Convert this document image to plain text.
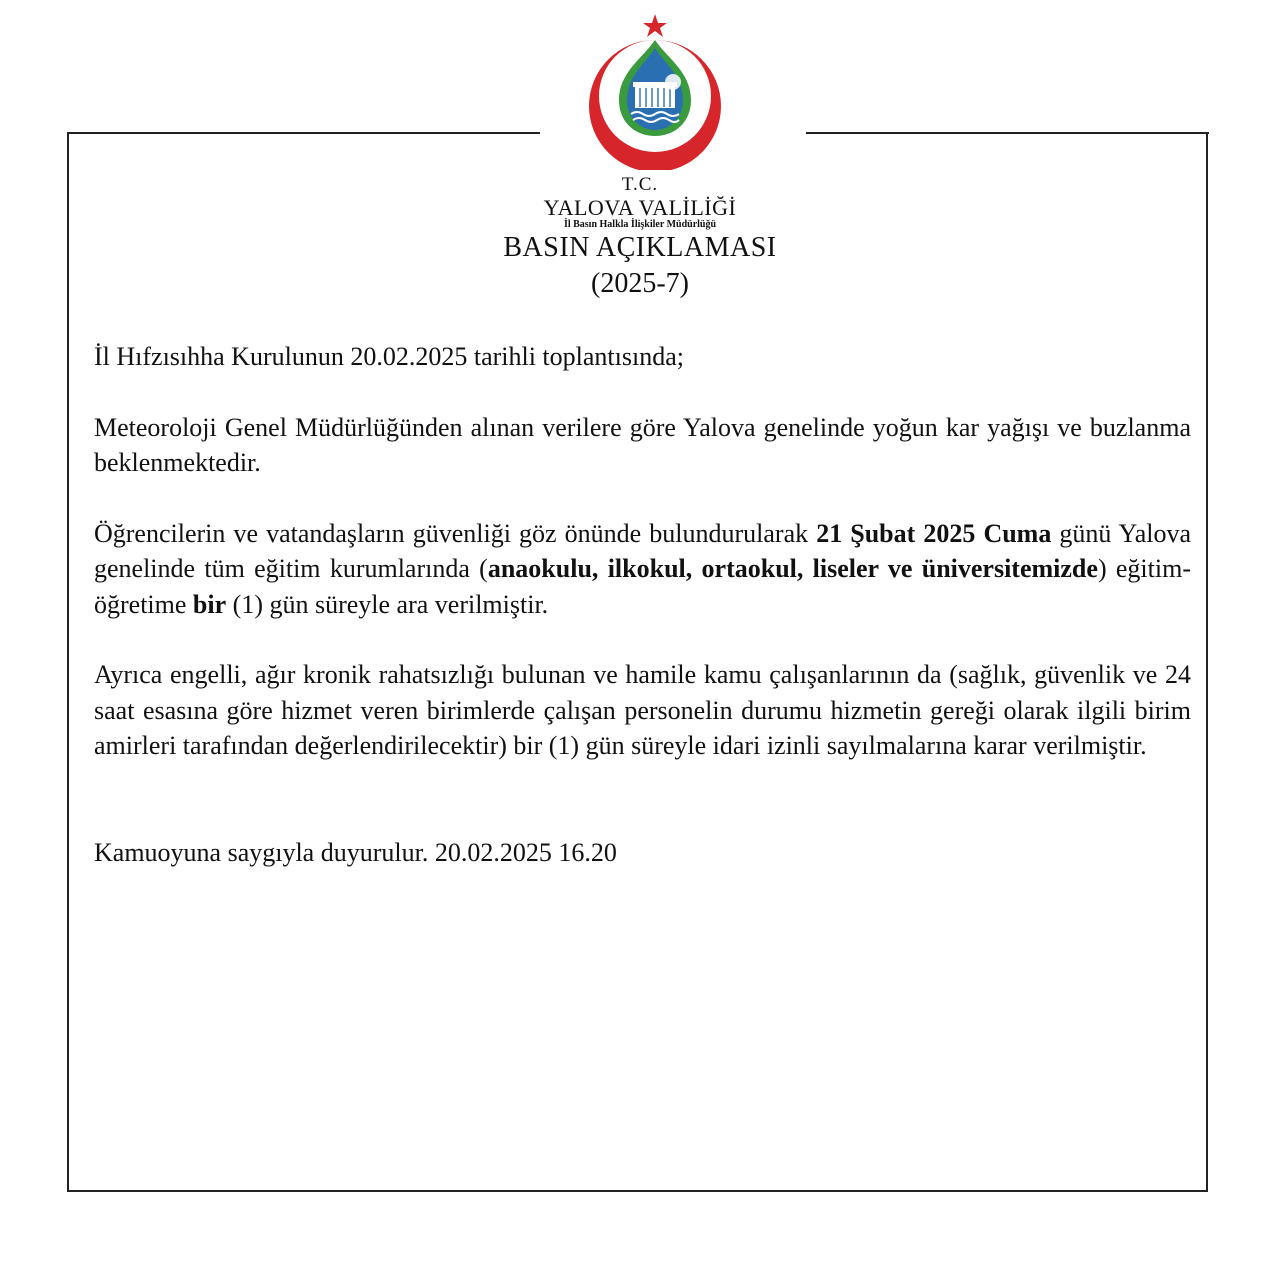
T.C.
YALOVA VALİLİĞİ
İl Basın Halkla İlişkiler Müdürlüğü
BASIN AÇIKLAMASI
(2025-7)

İl Hıfzısıhha Kurulunun 20.02.2025 tarihli toplantısında;

Meteoroloji Genel Müdürlüğünden alınan verilere göre Yalova genelinde yoğun kar yağışı ve buzlanma beklenmektedir.

Öğrencilerin ve vatandaşların güvenliği göz önünde bulundurularak 21 Şubat 2025 Cuma günü Yalova genelinde tüm eğitim kurumlarında (anaokulu, ilkokul, ortaokul, liseler ve üniversitemizde) eğitim-öğretime bir (1) gün süreyle ara verilmiştir.

Ayrıca engelli, ağır kronik rahatsızlığı bulunan ve hamile kamu çalışanlarının da (sağlık, güvenlik ve 24 saat esasına göre hizmet veren birimlerde çalışan personelin durumu hizmetin gereği olarak ilgili birim amirleri tarafından değerlendirilecektir) bir (1) gün süreyle idari izinli sayılmalarına karar verilmiştir.

Kamuoyuna saygıyla duyurulur. 20.02.2025 16.20
